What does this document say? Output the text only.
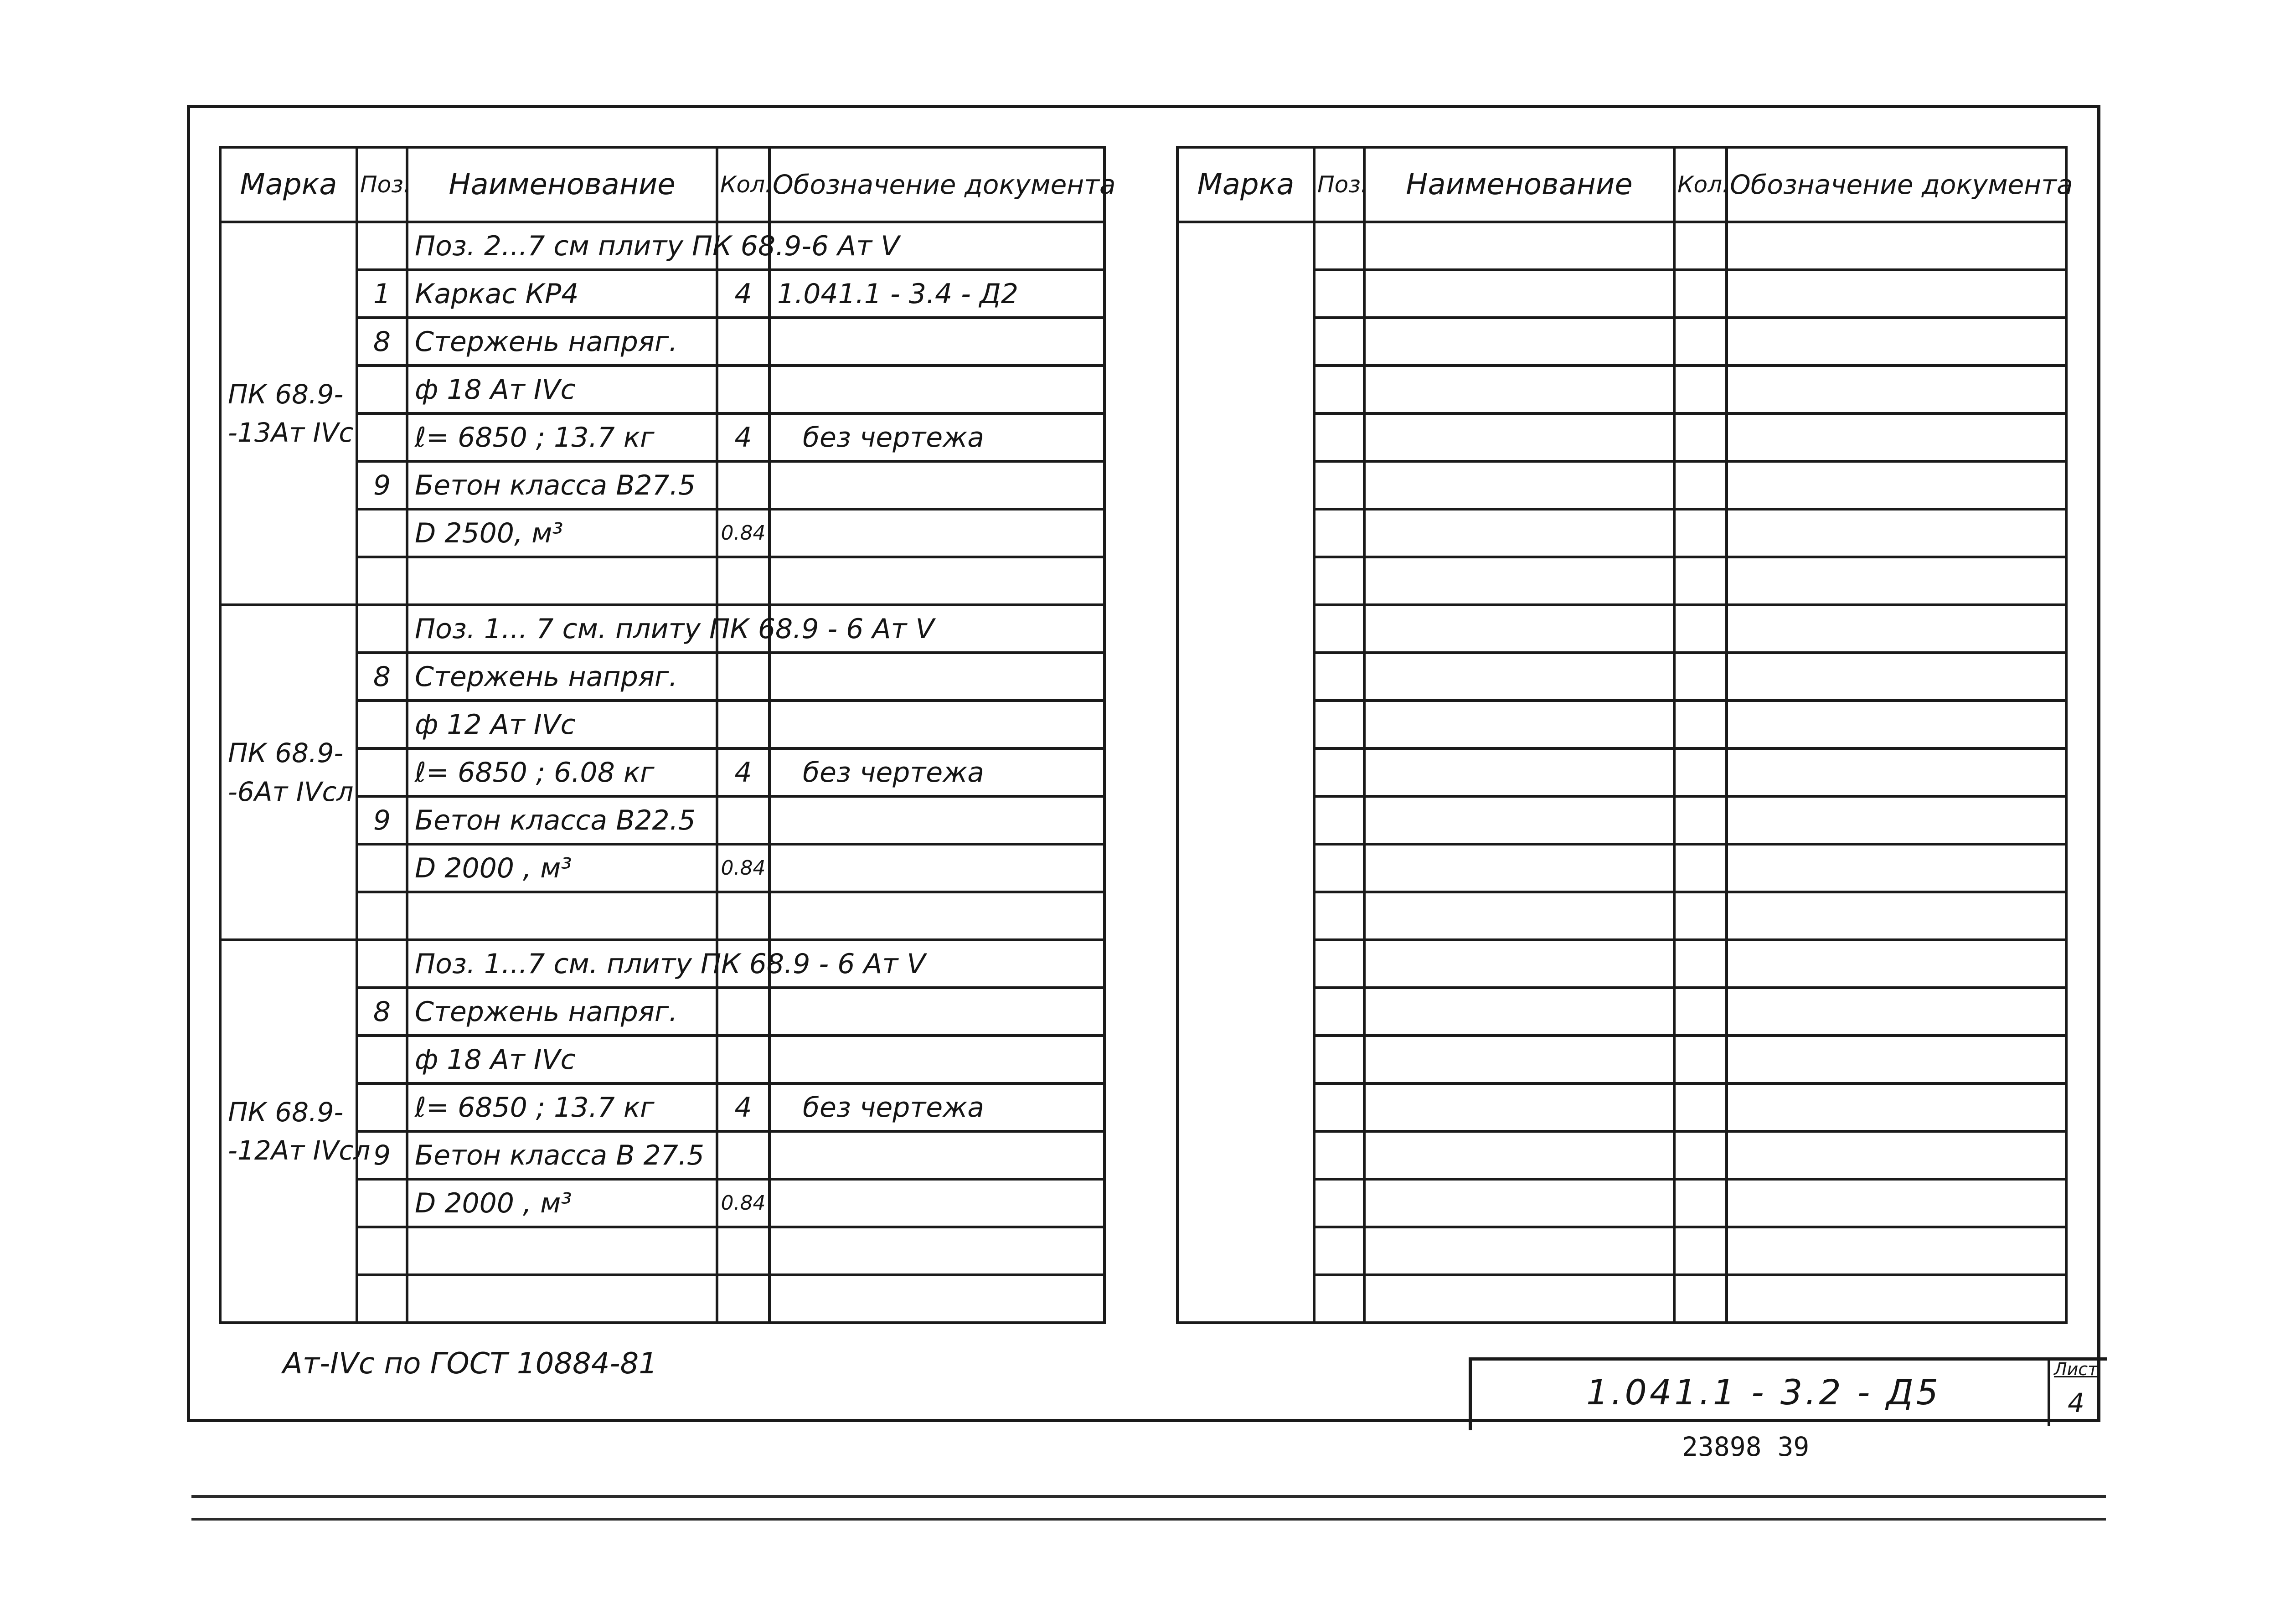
Марка	Поз.	Наименование	Кол.	Обозначение документа

ПК 68.9-
-13Ат IVс		Поз. 2...7 см плиту ПК 68.9-6 Ат V		
	1	Каркас КР4	4	1.041.1 - 3.4 - Д2
	8	Стержень напряг.		
		ф 18 Ат IVс		
		ℓ= 6850 ; 13.7 кг	4	без чертежа
	9	Бетон класса В27.5		
		D 2500, м³	0.84	

ПК 68.9-
-6Ат IVсл		Поз. 1... 7 см. плиту ПК 68.9 - 6 Ат V		
	8	Стержень напряг.		
		ф 12 Ат IVс		
		ℓ= 6850 ; 6.08 кг	4	без чертежа
	9	Бетон класса В22.5		
		D 2000 , м³	0.84	

ПК 68.9-
-12Ат IVсл		Поз. 1...7 см. плиту ПК 68.9 - 6 Ат V		
	8	Стержень напряг.		
		ф 18 Ат IVс		
		ℓ= 6850 ; 13.7 кг	4	без чертежа
	9	Бетон класса В 27.5		
		D 2000 , м³	0.84	

Марка	Поз.	Наименование	Кол.	Обозначение документа

Ат-IVс по ГОСТ 10884-81
1.041.1 - 3.2 - Д5
Лист
4
23898 39
